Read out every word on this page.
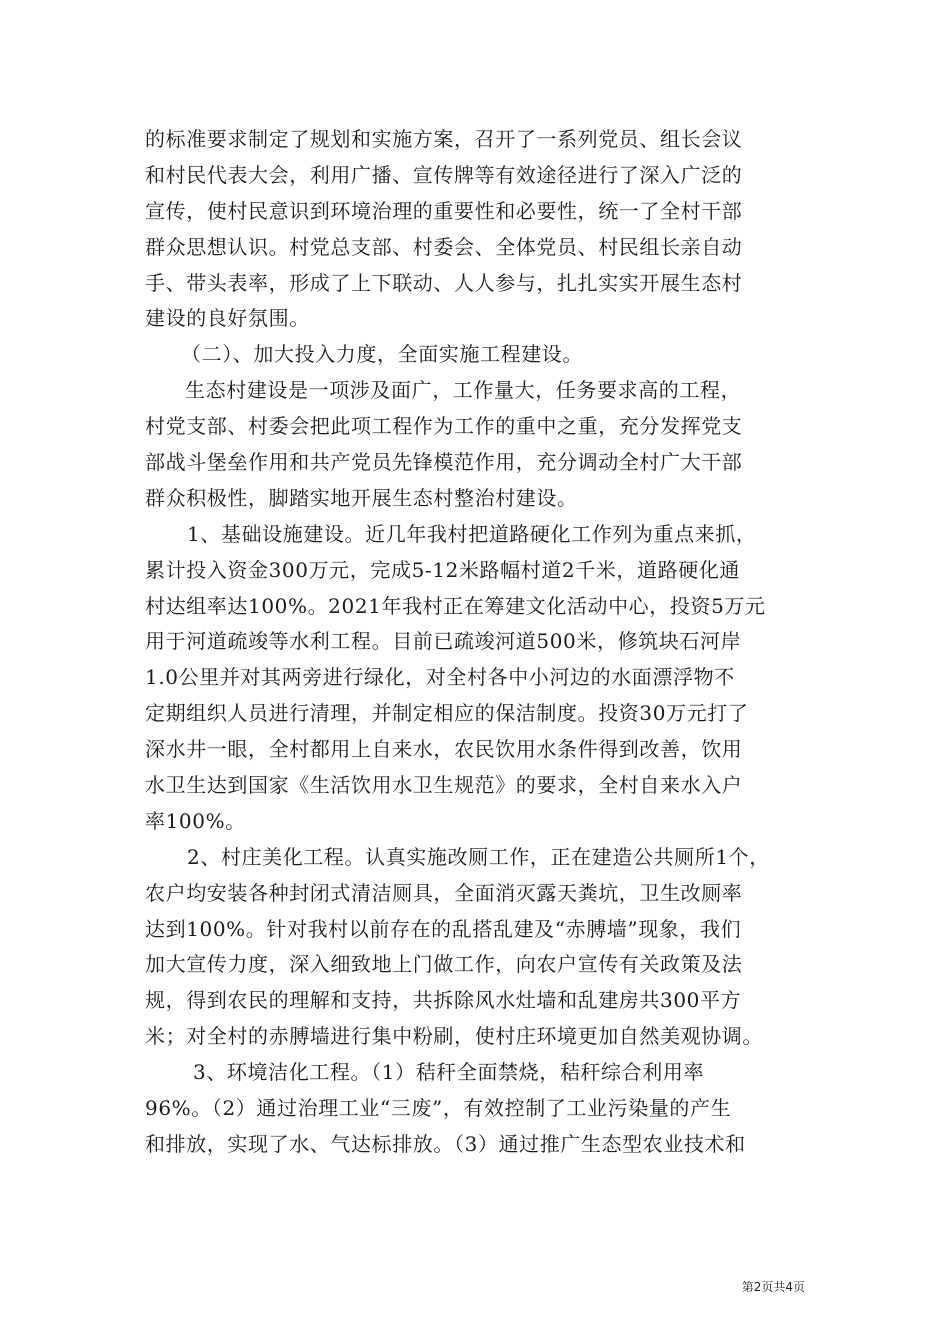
的标准要求制定了规划和实施方案，召开了一系列党员、组长会议
和村民代表大会，利用广播、宣传牌等有效途径进行了深入广泛的
宣传，使村民意识到环境治理的重要性和必要性，统一了全村干部
群众思想认识。村党总支部、村委会、全体党员、村民组长亲自动
手、带头表率，形成了上下联动、人人参与，扎扎实实开展生态村
建设的良好氛围。
（二）、加大投入力度，全面实施工程建设。
生态村建设是一项涉及面广，工作量大，任务要求高的工程，
村党支部、村委会把此项工程作为工作的重中之重，充分发挥党支
部战斗堡垒作用和共产党员先锋模范作用，充分调动全村广大干部
群众积极性，脚踏实地开展生态村整治村建设。
1、基础设施建设。近几年我村把道路硬化工作列为重点来抓，
累计投入资金300万元，完成5-12米路幅村道2千米，道路硬化通
村达组率达100%。2021年我村正在筹建文化活动中心，投资5万元
用于河道疏竣等水利工程。目前已疏竣河道500米，修筑块石河岸
1.0公里并对其两旁进行绿化，对全村各中小河边的水面漂浮物不
定期组织人员进行清理，并制定相应的保洁制度。投资30万元打了
深水井一眼，全村都用上自来水，农民饮用水条件得到改善，饮用
水卫生达到国家《生活饮用水卫生规范》的要求，全村自来水入户
率100%。
2、村庄美化工程。认真实施改厕工作，正在建造公共厕所1个，
农户均安装各种封闭式清洁厕具，全面消灭露天粪坑，卫生改厕率
达到100%。针对我村以前存在的乱搭乱建及“赤膊墙”现象，我们
加大宣传力度，深入细致地上门做工作，向农户宣传有关政策及法
规，得到农民的理解和支持，共拆除风水灶墙和乱建房共300平方
米；对全村的赤膊墙进行集中粉刷，使村庄环境更加自然美观协调。
3、环境洁化工程。（1）秸秆全面禁烧，秸秆综合利用率
96%。（2）通过治理工业“三废”，有效控制了工业污染量的产生
和排放，实现了水、气达标排放。（3）通过推广生态型农业技术和
第2页共4页
